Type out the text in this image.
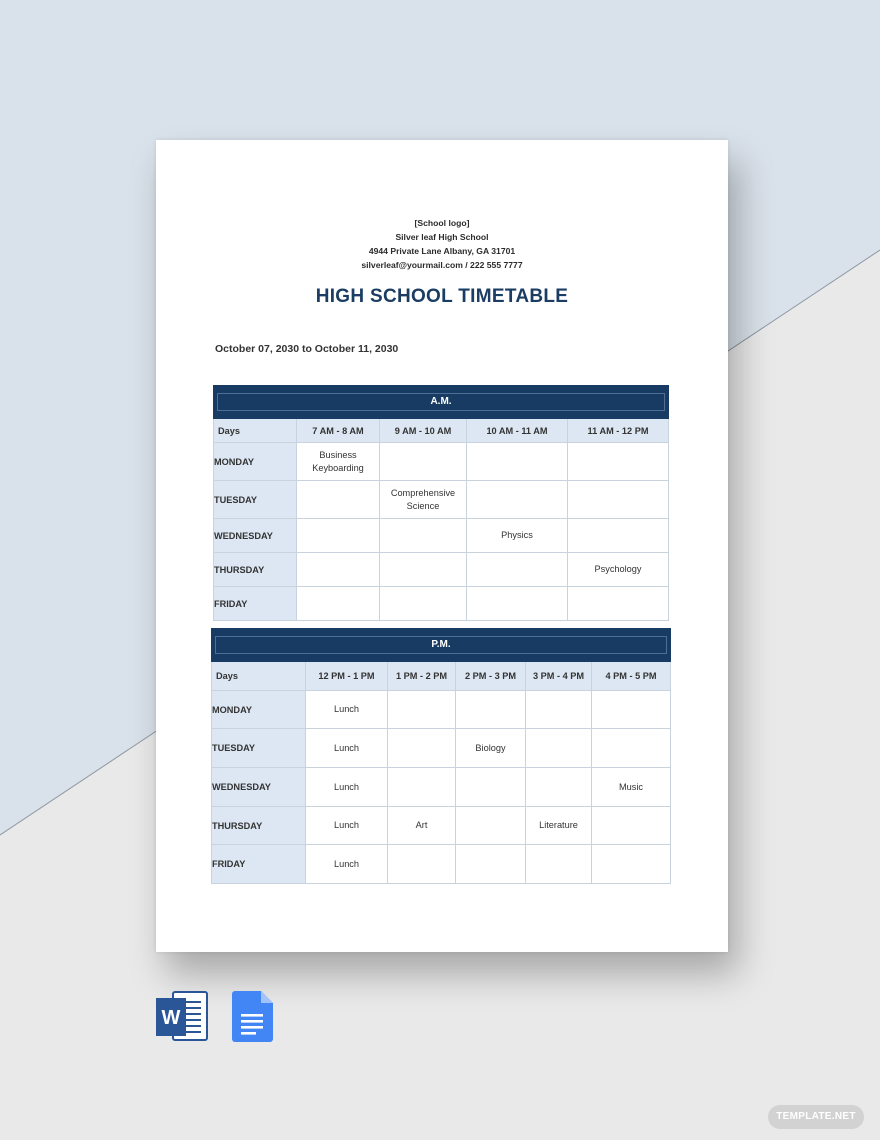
[School logo]
Silver leaf High School
4944 Private Lane Albany, GA 31701
silverleaf@yourmail.com / 222 555 7777
HIGH SCHOOL TIMETABLE
October 07, 2030 to October 11, 2030
A.M.				

Days	7 AM - 8 AM	9 AM - 10 AM	10 AM - 11 AM	11 AM - 12 PM
MONDAY	Business Keyboarding			
TUESDAY		Comprehensive Science		
WEDNESDAY			Physics	
THURSDAY				Psychology
FRIDAY				
P.M.					

Days	12 PM - 1 PM	1 PM - 2 PM	2 PM - 3 PM	3 PM - 4 PM	4 PM - 5 PM
MONDAY	Lunch				
TUESDAY	Lunch		Biology		
WEDNESDAY	Lunch				Music
THURSDAY	Lunch	Art		Literature	
FRIDAY	Lunch				
W
TEMPLATE.NET
